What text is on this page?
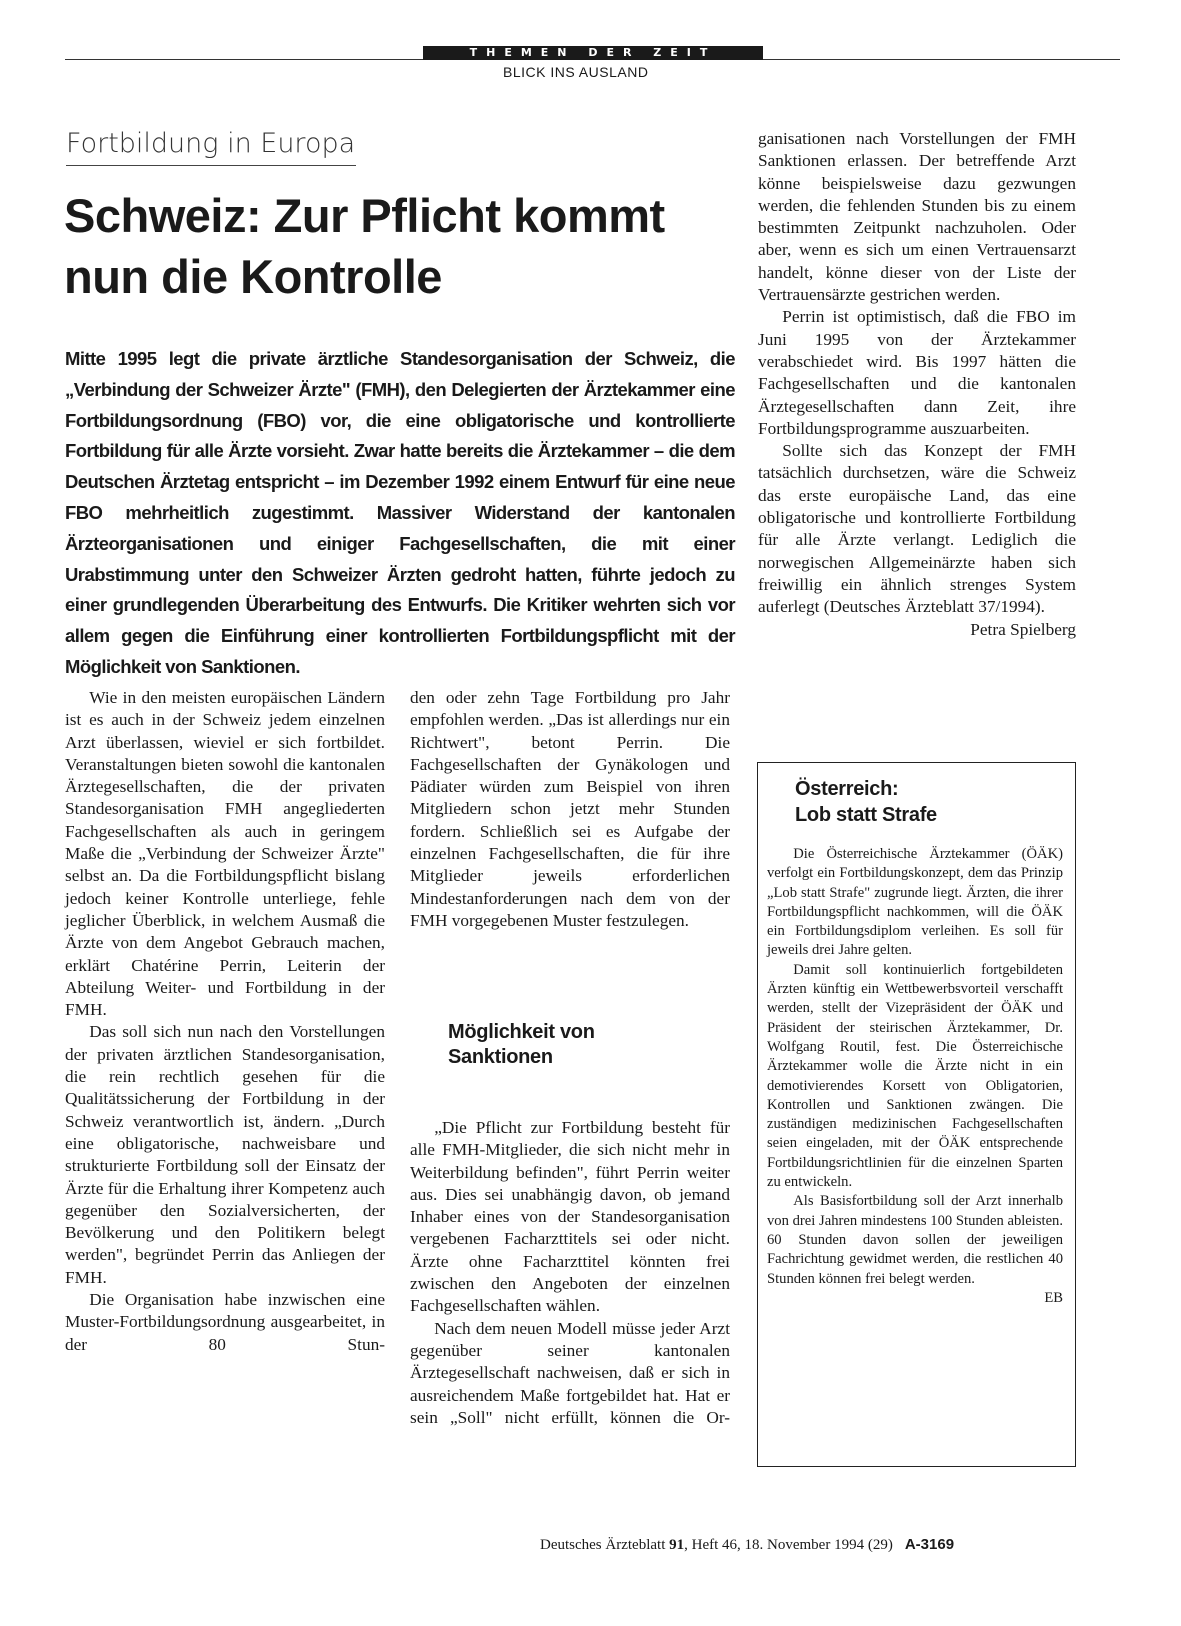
THEMEN DER ZEIT
BLICK INS AUSLAND
Fortbildung in Europa
Schweiz: Zur Pflicht kommt
nun die Kontrolle

Mitte 1995 legt die private ärztliche Standesorganisation der Schweiz, die „Verbindung der Schweizer Ärzte" (FMH), den Delegierten der Ärztekammer eine Fortbildungsordnung (FBO) vor, die eine obligatorische und kontrollierte Fortbildung für alle Ärzte vorsieht. Zwar hatte bereits die Ärztekammer – die dem Deutschen Ärztetag entspricht – im Dezember 1992 einem Entwurf für eine neue FBO mehrheitlich zugestimmt. Massiver Widerstand der kantonalen Ärzteorganisationen und einiger Fachgesellschaften, die mit einer Urabstimmung unter den Schweizer Ärzten gedroht hatten, führte jedoch zu einer grundlegenden Überarbeitung des Entwurfs. Die Kritiker wehrten sich vor allem gegen die Einführung einer kontrollierten Fortbildungspflicht mit der Möglichkeit von Sanktionen.

Wie in den meisten europäischen Ländern ist es auch in der Schweiz jedem einzelnen Arzt überlassen, wieviel er sich fortbildet. Veranstaltungen bieten sowohl die kantonalen Ärztegesellschaften, die der privaten Standesorganisation FMH angegliederten Fachgesellschaften als auch in geringem Maße die „Verbindung der Schweizer Ärzte" selbst an. Da die Fortbildungspflicht bislang jedoch keiner Kontrolle unterliege, fehle jeglicher Überblick, in welchem Ausmaß die Ärzte von dem Angebot Gebrauch machen, erklärt Chatérine Perrin, Leiterin der Abteilung Weiter- und Fortbildung in der FMH.

Das soll sich nun nach den Vorstellungen der privaten ärztlichen Standesorganisation, die rein rechtlich gesehen für die Qualitätssicherung der Fortbildung in der Schweiz verantwortlich ist, ändern. „Durch eine obligatorische, nachweisbare und strukturierte Fortbildung soll der Einsatz der Ärzte für die Erhaltung ihrer Kompetenz auch gegenüber den Sozialversicherten, der Bevölkerung und den Politikern belegt werden", begründet Perrin das Anliegen der FMH.

Die Organisation habe inzwischen eine Muster-Fortbildungsordnung ausgearbeitet, in der 80 Stun-

den oder zehn Tage Fortbildung pro Jahr empfohlen werden. „Das ist allerdings nur ein Richtwert", betont Perrin. Die Fachgesellschaften der Gynäkologen und Pädiater würden zum Beispiel von ihren Mitgliedern schon jetzt mehr Stunden fordern. Schließlich sei es Aufgabe der einzelnen Fachgesellschaften, die für ihre Mitglieder jeweils erforderlichen Mindestanforderungen nach dem von der FMH vorgegebenen Muster festzulegen.

Möglichkeit von
Sanktionen

„Die Pflicht zur Fortbildung besteht für alle FMH-Mitglieder, die sich nicht mehr in Weiterbildung befinden", führt Perrin weiter aus. Dies sei unabhängig davon, ob jemand Inhaber eines von der Standesorganisation vergebenen Facharzttitels sei oder nicht. Ärzte ohne Facharzttitel könnten frei zwischen den Angeboten der einzelnen Fachgesellschaften wählen.

Nach dem neuen Modell müsse jeder Arzt gegenüber seiner kantonalen Ärztegesellschaft nachweisen, daß er sich in ausreichendem Maße fortgebildet hat. Hat er sein „Soll" nicht erfüllt, können die Or-

ganisationen nach Vorstellungen der FMH Sanktionen erlassen. Der betreffende Arzt könne beispielsweise dazu gezwungen werden, die fehlenden Stunden bis zu einem bestimmten Zeitpunkt nachzuholen. Oder aber, wenn es sich um einen Vertrauensarzt handelt, könne dieser von der Liste der Vertrauensärzte gestrichen werden.

Perrin ist optimistisch, daß die FBO im Juni 1995 von der Ärztekammer verabschiedet wird. Bis 1997 hätten die Fachgesellschaften und die kantonalen Ärztegesellschaften dann Zeit, ihre Fortbildungsprogramme auszuarbeiten.

Sollte sich das Konzept der FMH tatsächlich durchsetzen, wäre die Schweiz das erste europäische Land, das eine obligatorische und kontrollierte Fortbildung für alle Ärzte verlangt. Lediglich die norwegischen Allgemeinärzte haben sich freiwillig ein ähnlich strenges System auferlegt (Deutsches Ärzteblatt 37/1994).
Petra Spielberg

Österreich:
Lob statt Strafe

Die Österreichische Ärztekammer (ÖÄK) verfolgt ein Fortbildungskonzept, dem das Prinzip „Lob statt Strafe" zugrunde liegt. Ärzten, die ihrer Fortbildungspflicht nachkommen, will die ÖÄK ein Fortbildungsdiplom verleihen. Es soll für jeweils drei Jahre gelten.

Damit soll kontinuierlich fortgebildeten Ärzten künftig ein Wettbewerbsvorteil verschafft werden, stellt der Vizepräsident der ÖÄK und Präsident der steirischen Ärztekammer, Dr. Wolfgang Routil, fest. Die Österreichische Ärztekammer wolle die Ärzte nicht in ein demotivierendes Korsett von Obligatorien, Kontrollen und Sanktionen zwängen. Die zuständigen medizinischen Fachgesellschaften seien eingeladen, mit der ÖÄK entsprechende Fortbildungsrichtlinien für die einzelnen Sparten zu entwickeln.

Als Basisfortbildung soll der Arzt innerhalb von drei Jahren mindestens 100 Stunden ableisten. 60 Stunden davon sollen der jeweiligen Fachrichtung gewidmet werden, die restlichen 40 Stunden können frei belegt werden.

EB
Deutsches Ärzteblatt 91, Heft 46, 18. November 1994 (29) A-3169
